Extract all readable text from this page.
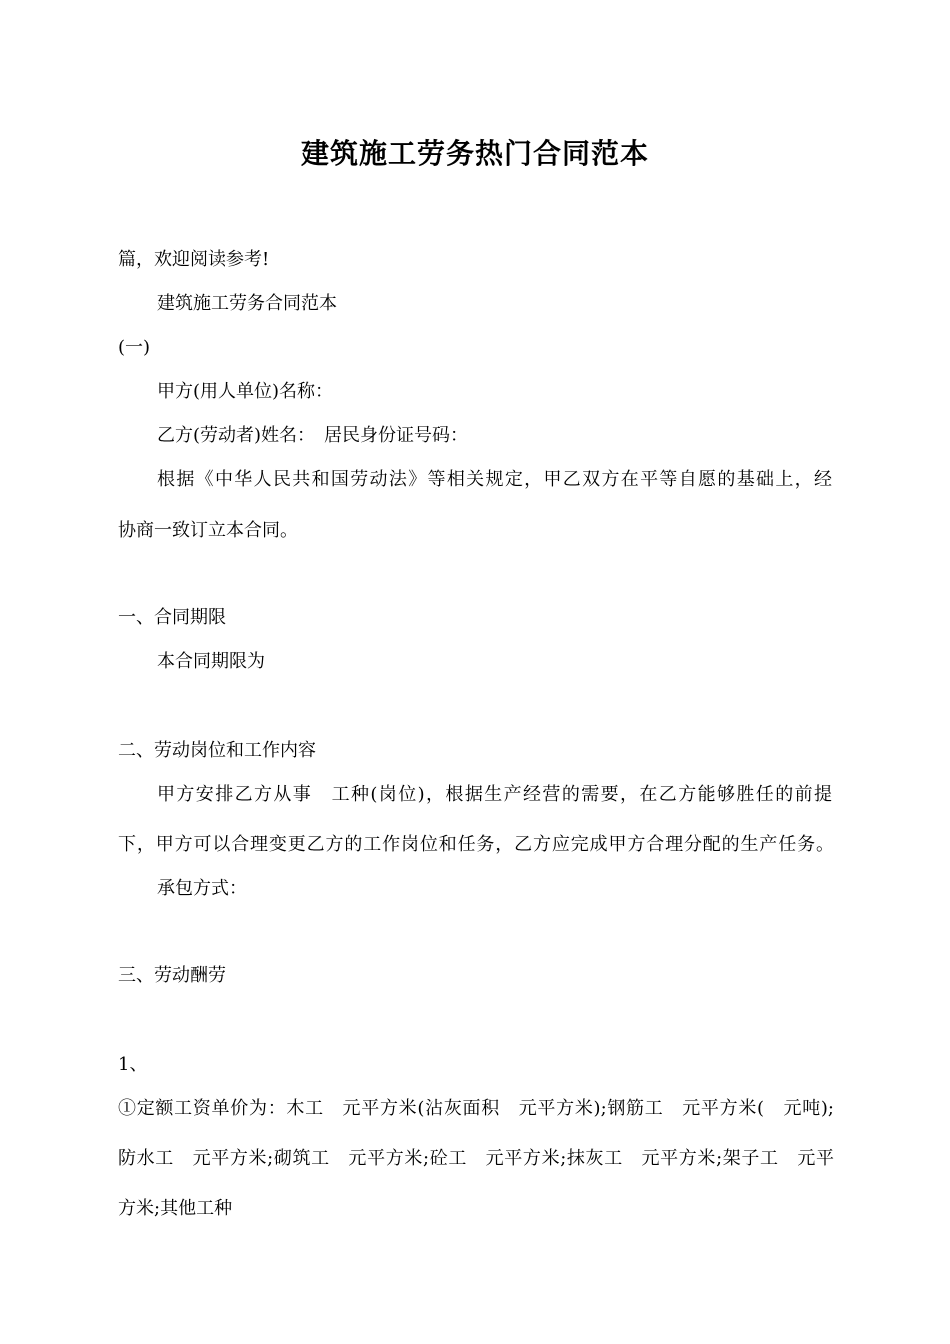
建筑施工劳务热门合同范本

篇，欢迎阅读参考!

建筑施工劳务合同范本

(一)

甲方(用人单位)名称：

乙方(劳动者)姓名：　居民身份证号码：

根据《中华人民共和国劳动法》等相关规定，甲乙双方在平等自愿的基础上，经

协商一致订立本合同。

一、合同期限

本合同期限为

二、劳动岗位和工作内容

甲方安排乙方从事　工种(岗位)，根据生产经营的需要，在乙方能够胜任的前提

下，甲方可以合理变更乙方的工作岗位和任务，乙方应完成甲方合理分配的生产任务。

承包方式：

三、劳动酬劳

1、

①定额工资单价为：木工　元平方米(沾灰面积　元平方米);钢筋工　元平方米(　元吨);

防水工　元平方米;砌筑工　元平方米;砼工　元平方米;抹灰工　元平方米;架子工　元平

方米;其他工种
